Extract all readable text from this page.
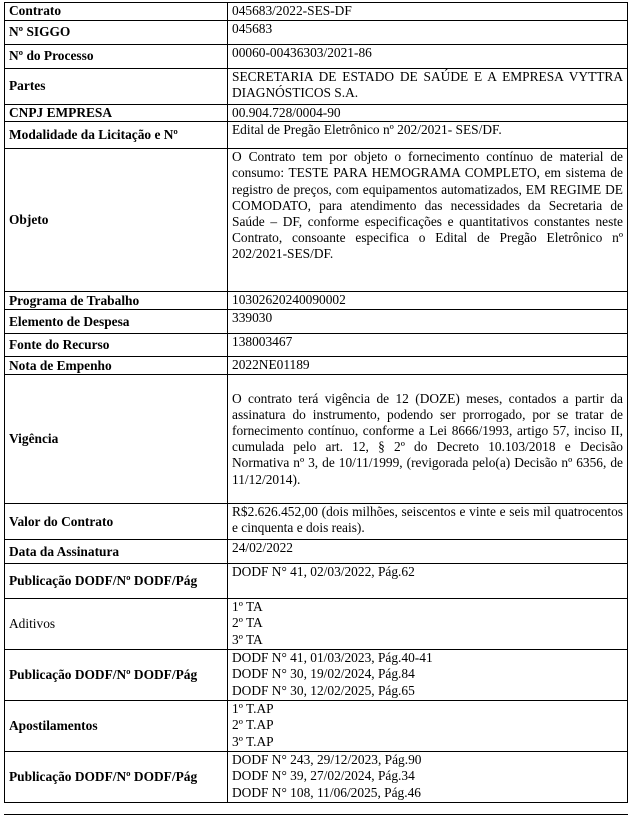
Contrato	045683/2022-SES-DF
Nº SIGGO	045683
Nº do Processo	00060-00436303/2021-86
Partes	SECRETARIA DE ESTADO DE SAÚDE E A EMPRESA VYTTRA DIAGNÓSTICOS S.A.
CNPJ EMPRESA	00.904.728/0004-90
Modalidade da Licitação e Nº	Edital de Pregão Eletrônico nº 202/2021- SES/DF.
Objeto	O Contrato tem por objeto o fornecimento contínuo de material de consumo: TESTE PARA HEMOGRAMA COMPLETO, em sistema de registro de preços, com equipamentos automatizados, EM REGIME DE COMODATO, para atendimento das necessidades da Secretaria de Saúde – DF, conforme especificações e quantitativos constantes neste Contrato, consoante especifica o Edital de Pregão Eletrônico nº 202/2021-SES/DF.
Programa de Trabalho	10302620240090002
Elemento de Despesa	339030
Fonte do Recurso	138003467
Nota de Empenho	2022NE01189
Vigência	O contrato terá vigência de 12 (DOZE) meses, contados a partir da assinatura do instrumento, podendo ser prorrogado, por se tratar de fornecimento contínuo, conforme a Lei 8666/1993, artigo 57, inciso II, cumulada pelo art. 12, § 2º do Decreto 10.103/2018 e Decisão Normativa nº 3, de 10/11/1999, (revigorada pelo(a) Decisão nº 6356, de 11/12/2014).
Valor do Contrato	R$2.626.452,00 (dois milhões, seiscentos e vinte e seis mil quatrocentos e cinquenta e dois reais).
Data da Assinatura	24/02/2022
Publicação DODF/Nº DODF/Pág	DODF N° 41, 02/03/2022, Pág.62
Aditivos	1º TA
2º TA
3º TA

Publicação DODF/Nº DODF/Pág	DODF N° 41, 01/03/2023, Pág.40-41
DODF N° 30, 19/02/2024, Pág.84
DODF N° 30, 12/02/2025, Pág.65

Apostilamentos	1º T.AP
2º T.AP
3º T.AP

Publicação DODF/Nº DODF/Pág	DODF N° 243, 29/12/2023, Pág.90
DODF N° 39, 27/02/2024, Pág.34
DODF N° 108, 11/06/2025, Pág.46
